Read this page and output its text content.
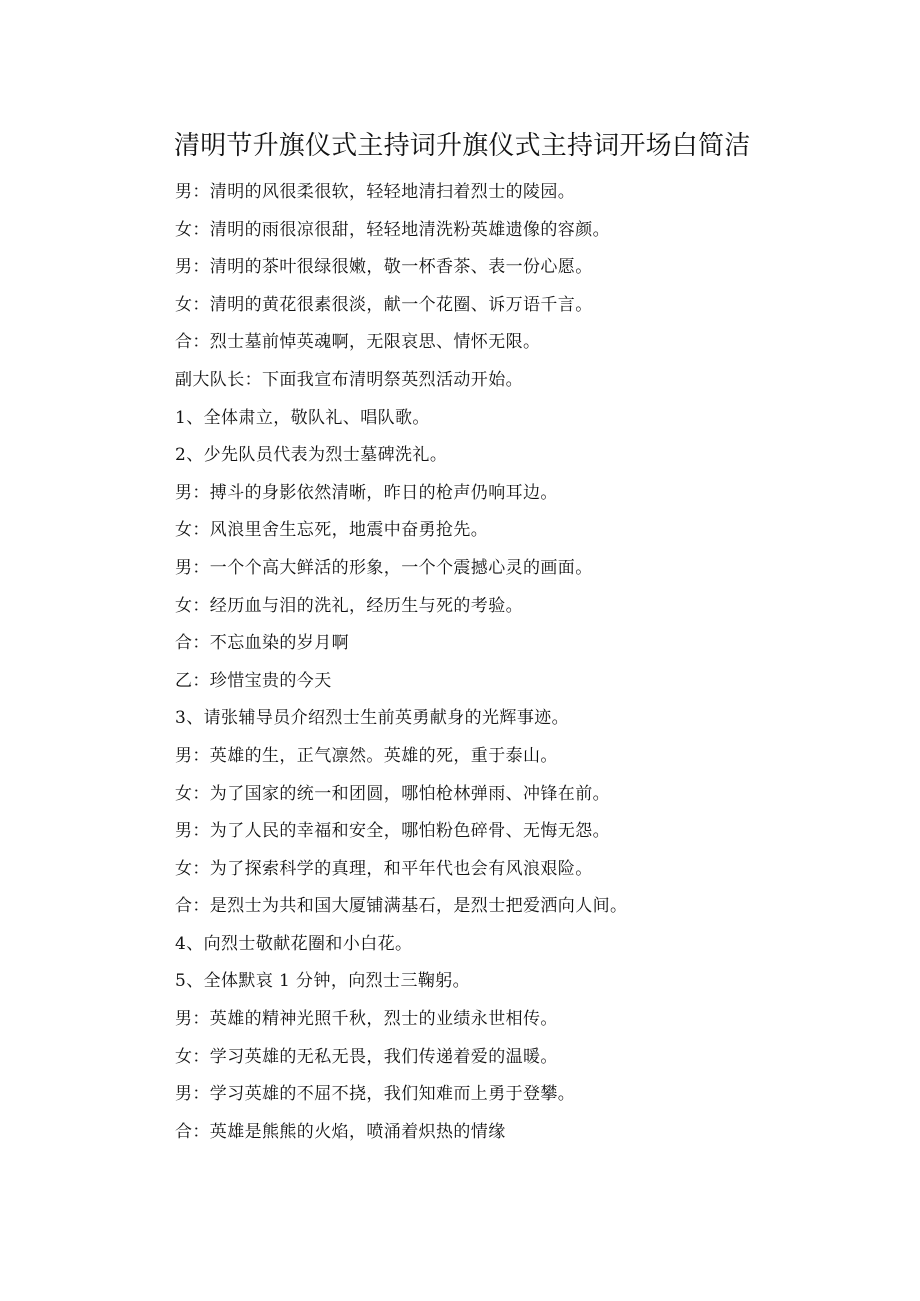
清明节升旗仪式主持词升旗仪式主持词开场白简洁
男：清明的风很柔很软，轻轻地清扫着烈士的陵园。
女：清明的雨很凉很甜，轻轻地清洗粉英雄遗像的容颜。
男：清明的茶叶很绿很嫩，敬一杯香茶、表一份心愿。
女：清明的黄花很素很淡，献一个花圈、诉万语千言。
合：烈士墓前悼英魂啊，无限哀思、情怀无限。
副大队长：下面我宣布清明祭英烈活动开始。
1、全体肃立，敬队礼、唱队歌。
2、少先队员代表为烈士墓碑洗礼。
男：搏斗的身影依然清晰，昨日的枪声仍响耳边。
女：风浪里舍生忘死，地震中奋勇抢先。
男：一个个高大鲜活的形象，一个个震撼心灵的画面。
女：经历血与泪的洗礼，经历生与死的考验。
合：不忘血染的岁月啊
乙：珍惜宝贵的今天
3、请张辅导员介绍烈士生前英勇献身的光辉事迹。
男：英雄的生，正气凛然。英雄的死，重于泰山。
女：为了国家的统一和团圆，哪怕枪林弹雨、冲锋在前。
男：为了人民的幸福和安全，哪怕粉色碎骨、无悔无怨。
女：为了探索科学的真理，和平年代也会有风浪艰险。
合：是烈士为共和国大厦铺满基石，是烈士把爱洒向人间。
4、向烈士敬献花圈和小白花。
5、全体默哀 1 分钟，向烈士三鞠躬。
男：英雄的精神光照千秋，烈士的业绩永世相传。
女：学习英雄的无私无畏，我们传递着爱的温暖。
男：学习英雄的不屈不挠，我们知难而上勇于登攀。
合：英雄是熊熊的火焰，喷涌着炽热的情缘
